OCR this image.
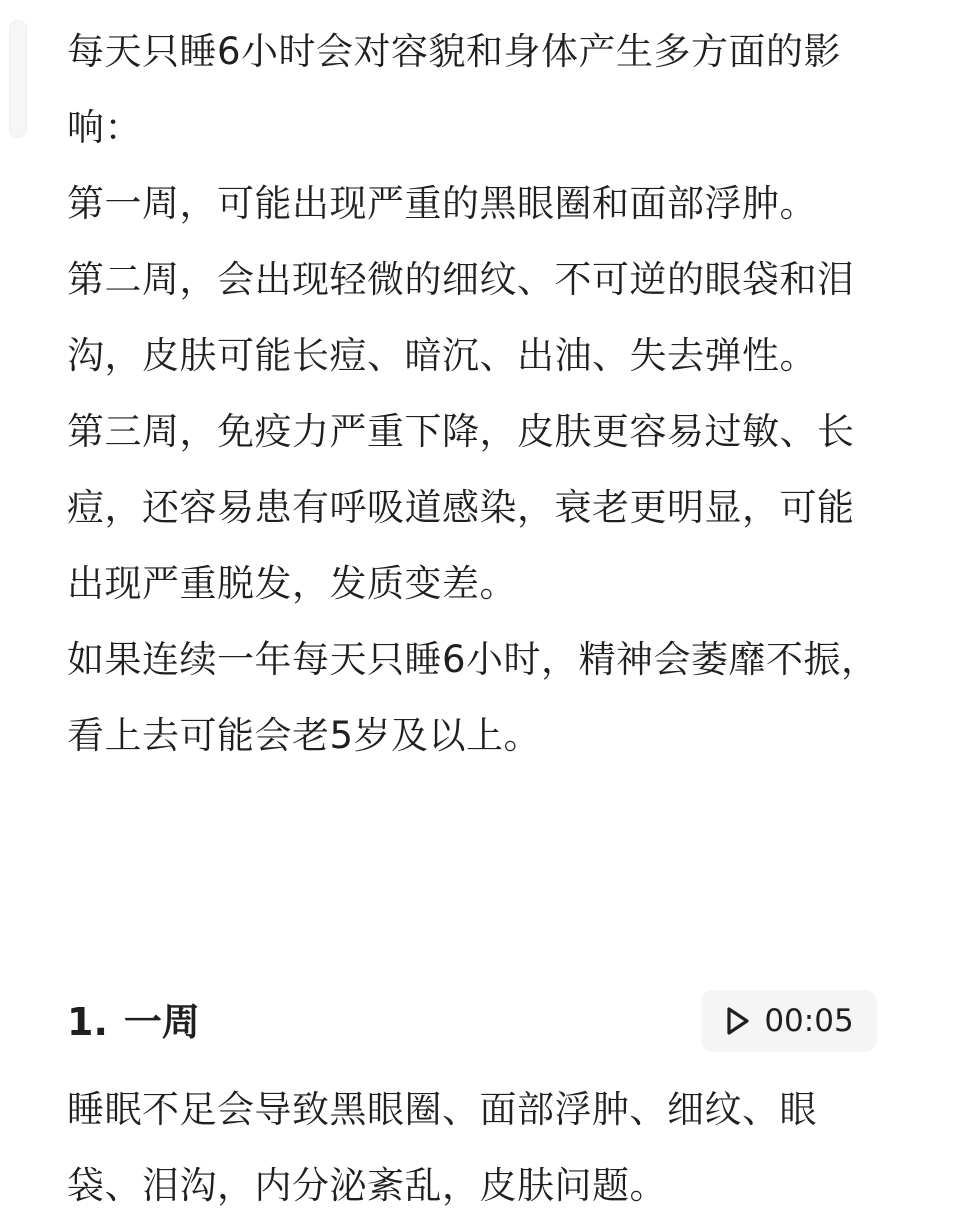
每天只睡6小时会对容貌和身体产生多方面的影响：

第一周，可能出现严重的黑眼圈和面部浮肿。

第二周，会出现轻微的细纹、不可逆的眼袋和泪沟，皮肤可能长痘、暗沉、出油、失去弹性。

第三周，免疫力严重下降，皮肤更容易过敏、长痘，还容易患有呼吸道感染，衰老更明显，可能出现严重脱发，发质变差。

如果连续一年每天只睡6小时，精神会萎靡不振，看上去可能会老5岁及以上。

1. 一周	00:05

睡眠不足会导致黑眼圈、面部浮肿、细纹、眼袋、泪沟，内分泌紊乱，皮肤问题。
